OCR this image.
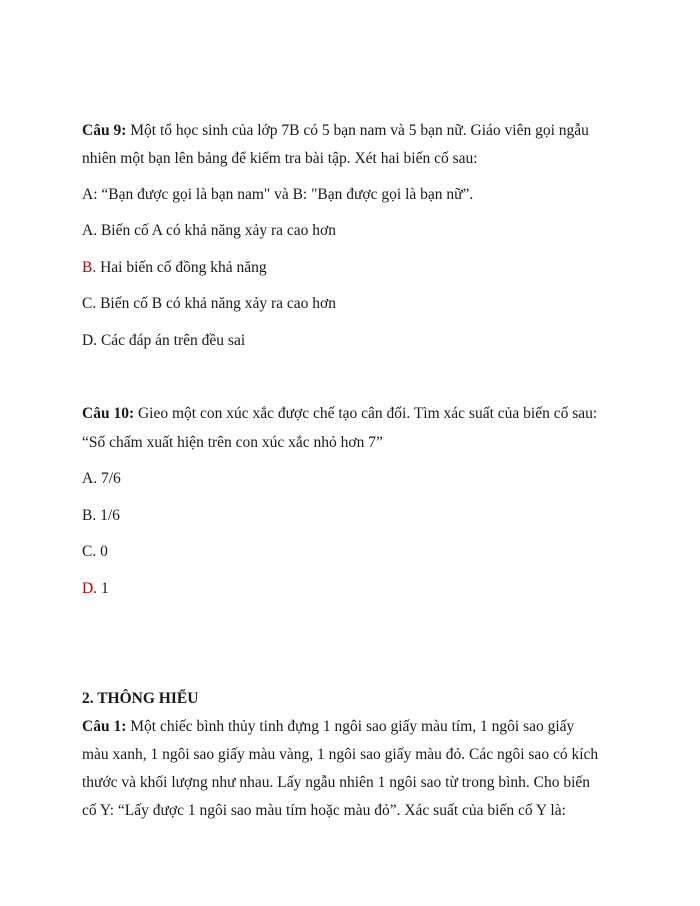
Câu 9: Một tổ học sinh của lớp 7B có 5 bạn nam và 5 bạn nữ. Giáo viên gọi ngẫu
nhiên một bạn lên bảng để kiểm tra bài tập. Xét hai biến cố sau:
A: “Bạn được gọi là bạn nam" và B: "Bạn được gọi là bạn nữ”.
A. Biến cố A có khả năng xảy ra cao hơn
B. Hai biến cố đồng khả năng
C. Biến cố B có khả năng xảy ra cao hơn
D. Các đáp án trên đều sai
Câu 10: Gieo một con xúc xắc được chế tạo cân đối. Tìm xác suất của biến cố sau:
“Số chấm xuất hiện trên con xúc xắc nhỏ hơn 7”
A. 7/6
B. 1/6
C. 0
D. 1
2. THÔNG HIỂU
Câu 1: Một chiếc bình thủy tinh đựng 1 ngôi sao giấy màu tím, 1 ngôi sao giấy
màu xanh, 1 ngôi sao giấy màu vàng, 1 ngôi sao giấy màu đỏ. Các ngôi sao có kích
thước và khối lượng như nhau. Lấy ngẫu nhiên 1 ngôi sao từ trong bình. Cho biến
cố Y: “Lấy được 1 ngôi sao màu tím hoặc màu đỏ”. Xác suất của biến cố Y là:
